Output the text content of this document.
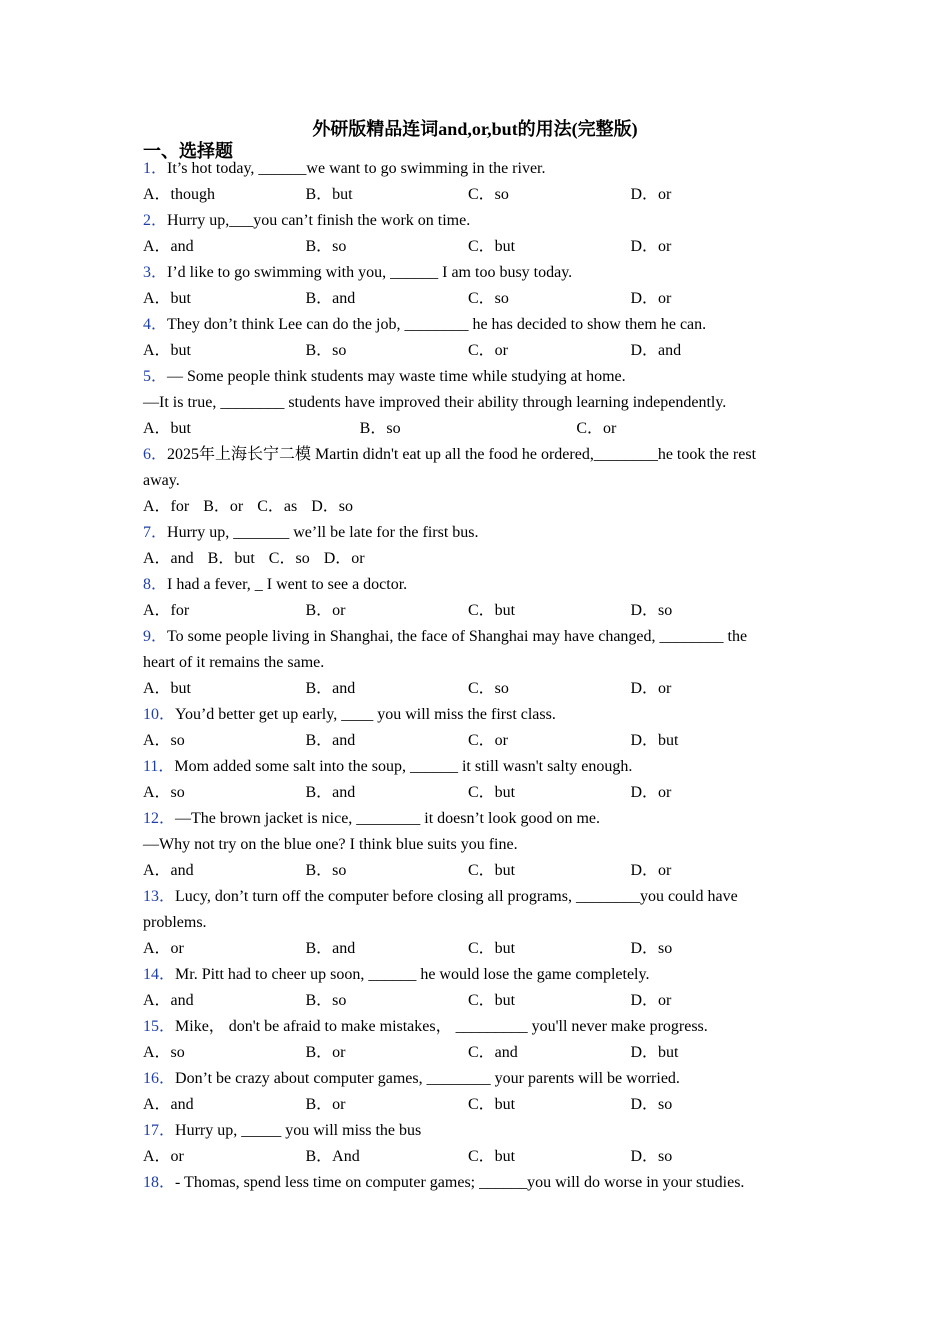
外研版精品连词and,or,but的用法(完整版)
一、选择题

1．It’s hot today, ______we want to go swimming in the river.

A．though	B．but	C．so	D．or

2．Hurry up,___you can’t finish the work on time.

A．and	B．so	C．but	D．or

3．I’d like to go swimming with you, ______ I am too busy today.

A．but	B．and	C．so	D．or

4．They don’t think Lee can do the job, ________ he has decided to show them he can.

A．but	B．so	C．or	D．and

5．— Some people think students may waste time while studying at home.

—It is true, ________ students have improved their ability through learning independently.

A．but	B．so	C．or

6．2025年上海长宁二模 Martin didn't eat up all the food he ordered,________he took the rest

away.

A．for B．or C．as D．so

7．Hurry up, _______ we’ll be late for the first bus.

A．and B．but C．so D．or

8．I had a fever, _ I went to see a doctor.

A．for	B．or	C．but	D．so

9．To some people living in Shanghai, the face of Shanghai may have changed, ________ the

heart of it remains the same.

A．but	B．and	C．so	D．or

10．You’d better get up early, ____ you will miss the first class.

A．so	B．and	C．or	D．but

11．Mom added some salt into the soup, ______ it still wasn't salty enough.

A．so	B．and	C．but	D．or

12．—The brown jacket is nice, ________ it doesn’t look good on me.

—Why not try on the blue one? I think blue suits you fine.

A．and	B．so	C．but	D．or

13．Lucy, don’t turn off the computer before closing all programs, ________you could have

problems.

A．or	B．and	C．but	D．so

14．Mr. Pitt had to cheer up soon, ______ he would lose the game completely.

A．and	B．so	C．but	D．or

15．Mike， don't be afraid to make mistakes， _________ you'll never make progress.

A．so	B．or	C．and	D．but

16．Don’t be crazy about computer games, ________ your parents will be worried.

A．and	B．or	C．but	D．so

17．Hurry up, _____ you will miss the bus

A．or	B．And	C．but	D．so

18．- Thomas, spend less time on computer games; ______you will do worse in your studies.
